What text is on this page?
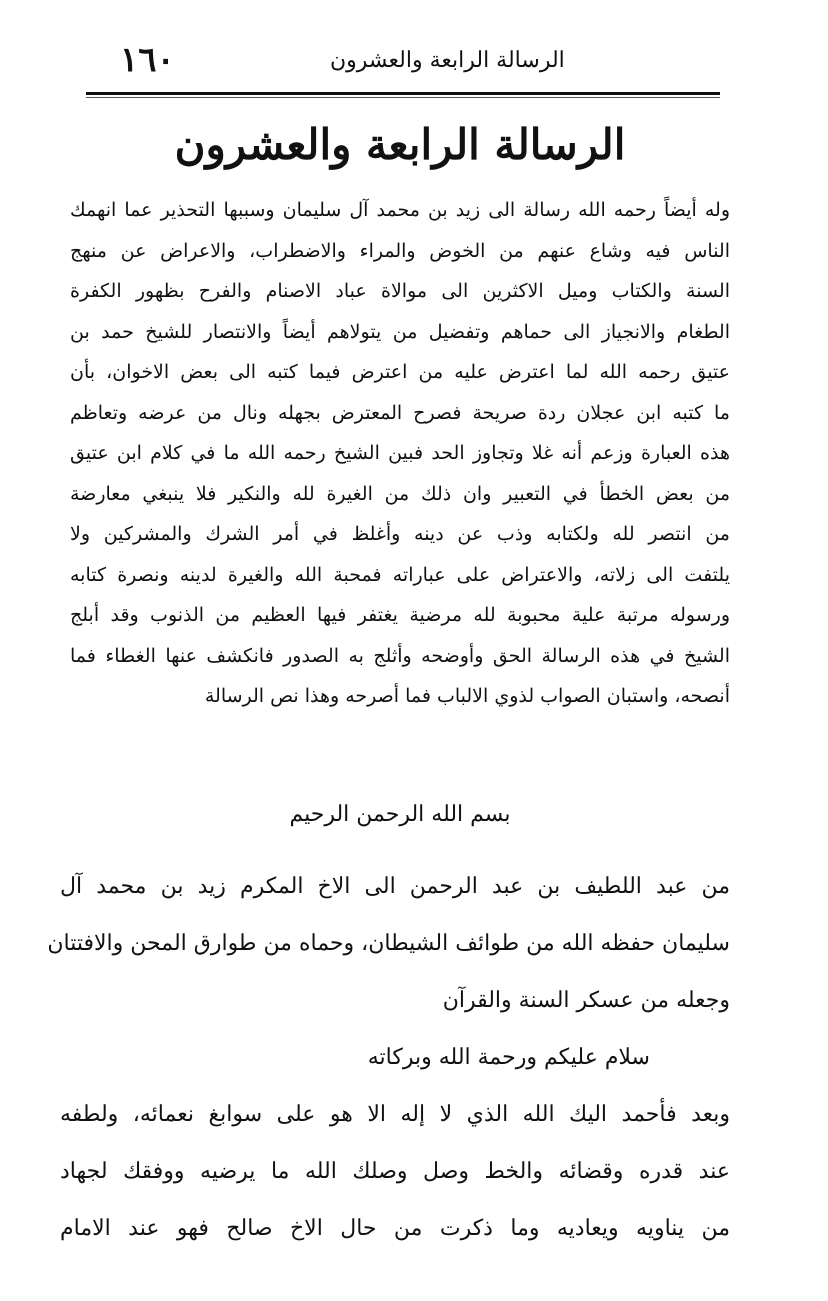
١٦٠	الرسالة الرابعة والعشرون
الرسالة الرابعة والعشرون
وله أيضاً رحمه الله رسالة الى زيد بن محمد آل سليمان وسببها التحذير عما انهمك
الناس فيه وشاع عنهم من الخوض والمراء والاضطراب، والاعراض عن منهج
السنة والكتاب وميل الاكثرين الى موالاة عباد الاصنام والفرح بظهور الكفرة
الطغام والانجياز الى حماهم وتفضيل من يتولاهم أيضاً والانتصار للشيخ حمد بن
عتيق رحمه الله لما اعترض عليه من اعترض فيما كتبه الى بعض الاخوان، بأن
ما كتبه ابن عجلان ردة صريحة فصرح المعترض بجهله ونال من عرضه وتعاظم
هذه العبارة وزعم أنه غلا وتجاوز الحد فبين الشيخ رحمه الله ما في كلام ابن عتيق
من بعض الخطأ في التعبير وان ذلك من الغيرة لله والنكير فلا ينبغي معارضة
من انتصر لله ولكتابه وذب عن دينه وأغلظ في أمر الشرك والمشركين ولا
يلتفت الى زلاته، والاعتراض على عباراته فمحبة الله والغيرة لدينه ونصرة كتابه
ورسوله مرتبة علية محبوبة لله مرضية يغتفر فيها العظيم من الذنوب وقد أبلج
الشيخ في هذه الرسالة الحق وأوضحه وأثلج به الصدور فانكشف عنها الغطاء فما
أنصحه، واستبان الصواب لذوي الالباب فما أصرحه وهذا نص الرسالة
بسم الله الرحمن الرحيم
من عبد اللطيف بن عبد الرحمن الى الاخ المكرم زيد بن محمد آل
سليمان حفظه الله من طوائف الشيطان، وحماه من طوارق المحن والافتتان
وجعله من عسكر السنة والقرآن
سلام عليكم ورحمة الله وبركاته
وبعد فأحمد اليك الله الذي لا إله الا هو على سوابغ نعمائه، ولطفه
عند قدره وقضائه والخط وصل وصلك الله ما يرضيه ووفقك لجهاد
من يناويه ويعاديه وما ذكرت من حال الاخ صالح فهو عند الامام
